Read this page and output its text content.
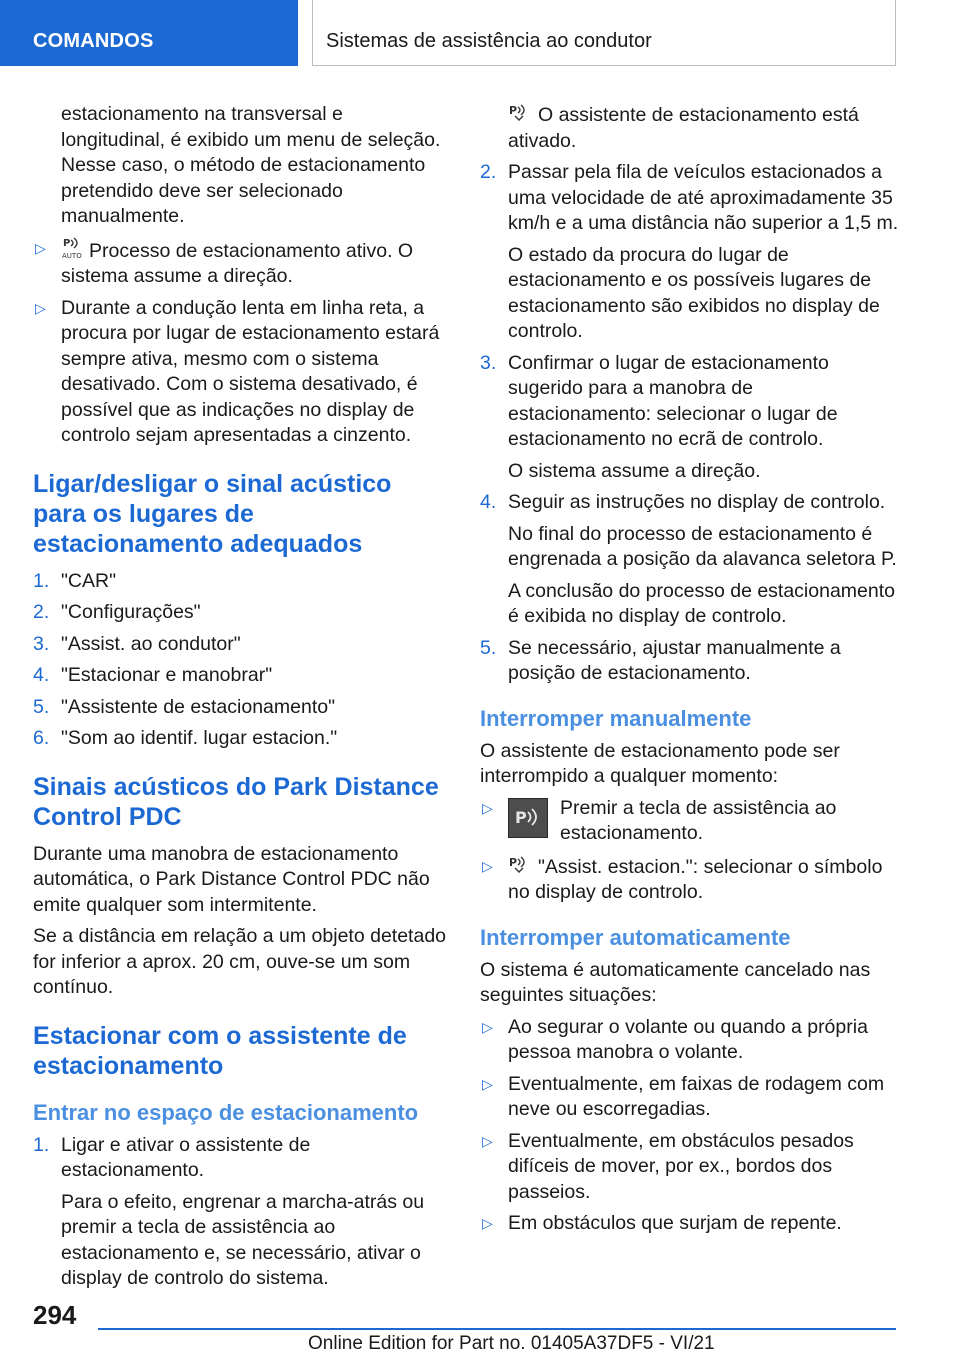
COMANDOS	Sistemas de assistência ao condutor

estacionamento na transversal e longitudinal, é exibido um menu de seleção. Nesse caso, o método de estacionamento pretendido deve ser selecionado manualmente.

▷ P
AUTO Processo de estacionamento ativo. O sistema assume a direção.
▷ Durante a condução lenta em linha reta, a procura por lugar de estacionamento estará sempre ativa, mesmo com o sistema desativado. Com o sistema desativado, é possível que as indicações no display de controlo sejam apresentadas a cinzento.
Ligar/desligar o sinal acústico para os lugares de estacionamento adequados
1. "CAR"
2. "Configurações"
3. "Assist. ao condutor"
4. "Estacionar e manobrar"
5. "Assistente de estacionamento"
6. "Som ao identif. lugar estacion."
Sinais acústicos do Park Distance Control PDC

Durante uma manobra de estacionamento automática, o Park Distance Control PDC não emite qualquer som intermitente.

Se a distância em relação a um objeto detetado for inferior a aprox. 20 cm, ouve-se um som contínuo.

Estacionar com o assistente de estacionamento
Entrar no espaço de estacionamento
1. Ligar e ativar o assistente de estacionamento.

Para o efeito, engrenar a marcha-atrás ou premir a tecla de assistência ao estacionamento e, se necessário, ativar o display de controlo do sistema.

P O assistente de estacionamento está ativado.

2. Passar pela fila de veículos estacionados a uma velocidade de até aproximadamente 35 km/h e a uma distância não superior a 1,5 m.

O estado da procura do lugar de estacionamento e os possíveis lugares de estacionamento são exibidos no display de controlo.

3. Confirmar o lugar de estacionamento sugerido para a manobra de estacionamento: selecionar o lugar de estacionamento no ecrã de controlo.

O sistema assume a direção.

4. Seguir as instruções no display de controlo.

No final do processo de estacionamento é engrenada a posição da alavanca seletora P.

A conclusão do processo de estacionamento é exibida no display de controlo.

5. Se necessário, ajustar manualmente a posição de estacionamento.

Interromper manualmente

O assistente de estacionamento pode ser interrompido a qualquer momento:

▷ P Premir a tecla de assistência ao estacionamento.
▷ P "Assist. estacion.": selecionar o símbolo no display de controlo.
Interromper automaticamente

O sistema é automaticamente cancelado nas seguintes situações:

▷ Ao segurar o volante ou quando a própria pessoa manobra o volante.
▷ Eventualmente, em faixas de rodagem com neve ou escorregadias.
▷ Eventualmente, em obstáculos pesados difíceis de mover, por ex., bordos dos passeios.
▷ Em obstáculos que surjam de repente.
294
Online Edition for Part no. 01405A37DF5 - VI/21
